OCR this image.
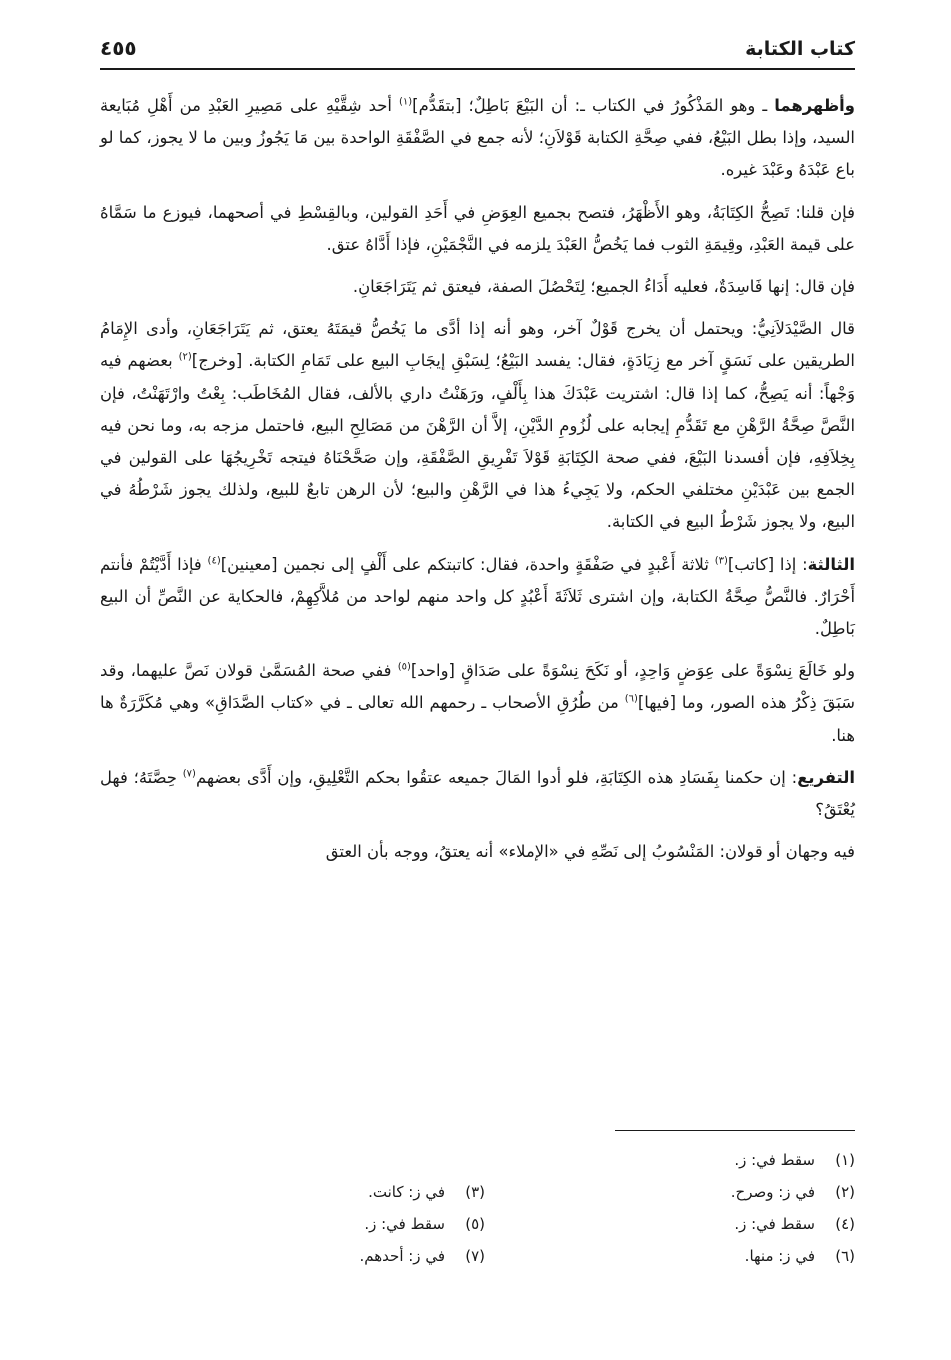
كتاب الكتابة
٤٥٥

وأظهرهما ـ وهو المَذْكُورُ في الكتاب ـ: أن البَيْعَ بَاطِلٌ؛ [بتقَدُّم]$^{(١)}$ أحد شِقَّيْهِ على مَصِيرِ العَبْدِ من أَهْلِ مُبَايعة السيد، وإذا بطل البَيْعُ، ففي صِحَّةِ الكتابة قَوْلاَنِ؛ لأنه جمع في الصَّفْقَةِ الواحدة بين مَا يَجُوزُ وبين ما لا يجوز، كما لو باع عَبْدَهُ وعَبْدَ غيره.

فإن قلنا: تَصِحُّ الكِتَابَةُ، وهو الأَظْهَرُ، فتصح بجميع العِوَضِ في أَحَدِ القولين، وبالقِسْطِ في أصحهما، فيوزع ما سَمَّاهُ على قيمة العَبْدِ، وقِيمَةِ الثوب فما يَخُصُّ العَبْدَ يلزمه في النَّجْمَيْنِ، فإذا أَدَّاهُ عتق.

فإن قال: إنها فَاسِدَةٌ، فعليه أَدَاءُ الجميع؛ لِتَحْصُلَ الصفة، فيعتق ثم يَتَرَاجَعَانِ.

قال الصَّيْدَلاَنِيُّ: ويحتمل أن يخرج قَوْلٌ آخر، وهو أنه إذا أدَّى ما يَخُصُّ قيمَتَهُ يعتق، ثم يَتَرَاجَعَانِ، وأدى الإِمَامُ الطريقين على نَسَقٍ آخر مع زِيَادَةٍ، فقال: يفسد البَيْعُ؛ لِسَبْقِ إيجَابِ البيع على تَمَامِ الكتابة. [وخرج]$^{(٢)}$ بعضهم فيه وَجْهاً: أنه يَصِحُّ، كما إذا قال: اشتريت عَبْدَكَ هذا بِأَلْفٍ، ورَهَنْتُ داري بالألف، فقال المُخَاطَب: بِعْتُ وارْتَهَنْتُ، فإن النَّصَّ صِحَّةُ الرَّهْنِ مع تَقَدُّمِ إيجابه على لُزُومِ الدَّيْنِ، إلاَّ أن الرَّهْنَ من مَصَالِحِ البيع، فاحتمل مزجه به، وما نحن فيه بِخِلاَفِهِ، فإن أفسدنا البَيْعَ، ففي صحة الكِتَابَةِ قَوْلاَ تَفْرِيقِ الصَّفْقَةِ، وإن صَحَّحْنَاهُ فيتجه تَخْرِيجُهَا على القولين في الجمع بين عَبْدَيْنِ مختلفي الحكم، ولا يَجِيءُ هذا في الرَّهْنِ والبيع؛ لأن الرهن تابعٌ للبيع، ولذلك يجوز شَرْطُهُ في البيع، ولا يجوز شَرْطُ البيع في الكتابة.

الثالثة: إذا [كاتب]$^{(٣)}$ ثلاثة أَعْبدٍ في صَفْقَةٍ واحدة، فقال: كاتبتكم على أَلْفٍ إلى نجمين [معينين]$^{(٤)}$ فإذا أَدَّيْتُمْ فأنتم أَحْرَارٌ. فالنَّصُّ صِحَّةُ الكتابة، وإن اشترى ثَلاَثَةَ أَعْبُدٍ كل واحد منهم لواحد من مُلاَّكِهِمْ، فالحكاية عن النَّصِّ أن البيع بَاطِلٌ.

ولو خَالَعَ نِسْوَةً على عِوَضٍ وَاحِدٍ، أو نَكَحَ نِسْوَةً على صَدَاقٍ [واحد]$^{(٥)}$ ففي صحة المُسَمَّىٰ قولان نَصَّ عليهما، وقد سَبَقَ ذِكْرُ هذه الصور، وما [فيها]$^{(٦)}$ من طُرُقِ الأصحاب ـ رحمهم الله تعالى ـ في «كتاب الصَّدَاقِ» وهي مُكَرَّرَةٌ ها هنا.

التفريع: إن حكمنا بِفَسَادِ هذه الكِتَابَةِ، فلو أدوا المَالَ جميعه عتقُوا بحكم التَّعْلِيقِ، وإن أَدَّى بعضهم$^{(٧)}$ حِصَّتَهُ؛ فهل يُعْتَقُ؟

فيه وجهان أو قولان: المَنْسُوبُ إلى نَصِّهِ في «الإملاء» أنه يعتقُ، ووجه بأن العتق

(١)
سقط في: ز.
(٢)
في ز: وصرح.
(٣)
في ز: كانت.
(٤)
سقط في: ز.
(٥)
سقط في: ز.
(٦)
في ز: منها.
(٧)
في ز: أحدهم.
